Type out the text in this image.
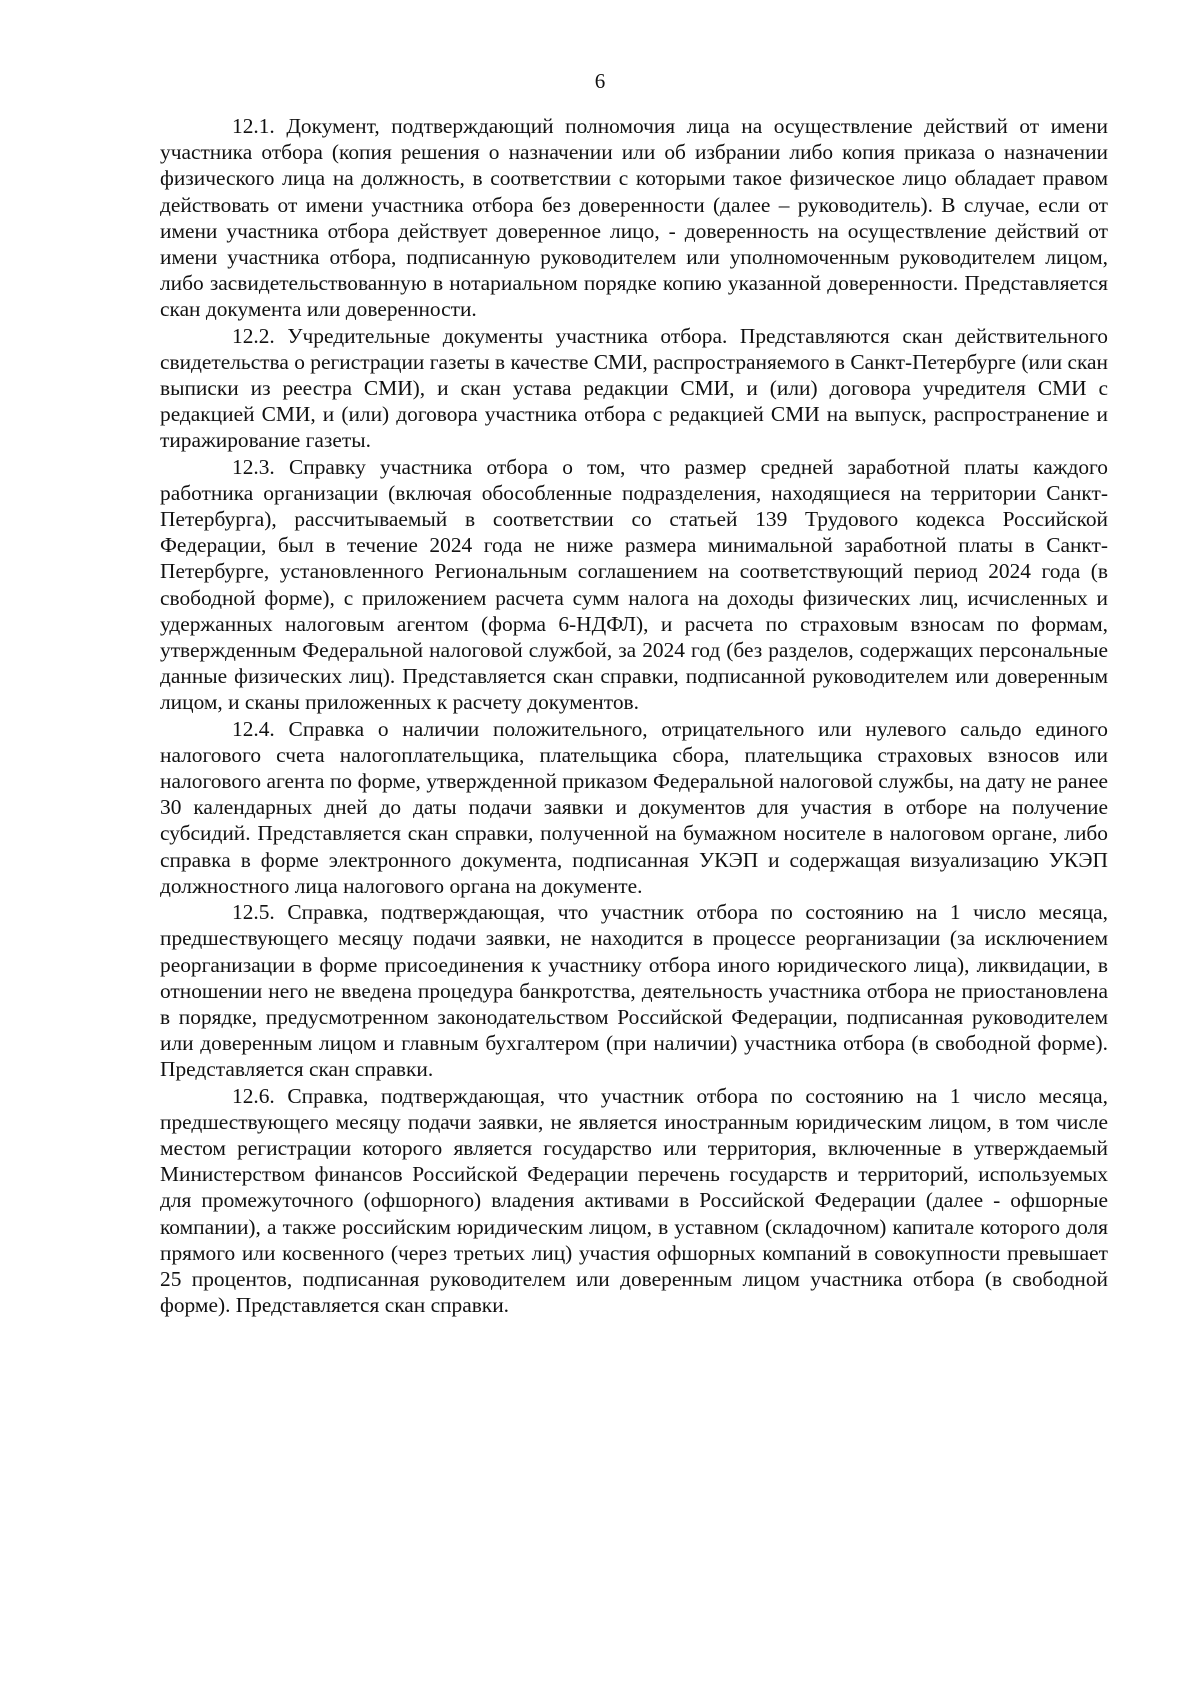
6

12.1. Документ, подтверждающий полномочия лица на осуществление действий от имени участника отбора (копия решения о назначении или об избрании либо копия приказа о назначении физического лица на должность, в соответствии с которыми такое физическое лицо обладает правом действовать от имени участника отбора без доверенности (далее – руководитель). В случае, если от имени участника отбора действует доверенное лицо, - доверенность на осуществление действий от имени участника отбора, подписанную руководителем или уполномоченным руководителем лицом, либо засвидетельствованную в нотариальном порядке копию указанной доверенности. Представляется скан документа или доверенности.

12.2. Учредительные документы участника отбора. Представляются скан действительного свидетельства о регистрации газеты в качестве СМИ, распространяемого в Санкт-Петербурге (или скан выписки из реестра СМИ), и скан устава редакции СМИ, и (или) договора учредителя СМИ с редакцией СМИ, и (или) договора участника отбора с редакцией СМИ на выпуск, распространение и тиражирование газеты.

12.3. Справку участника отбора о том, что размер средней заработной платы каждого работника организации (включая обособленные подразделения, находящиеся на территории Санкт-Петербурга), рассчитываемый в соответствии со статьей 139 Трудового кодекса Российской Федерации, был в течение 2024 года не ниже размера минимальной заработной платы в Санкт-Петербурге, установленного Региональным соглашением на соответствующий период 2024 года (в свободной форме), с приложением расчета сумм налога на доходы физических лиц, исчисленных и удержанных налоговым агентом (форма 6-НДФЛ), и расчета по страховым взносам по формам, утвержденным Федеральной налоговой службой, за 2024 год (без разделов, содержащих персональные данные физических лиц). Представляется скан справки, подписанной руководителем или доверенным лицом, и сканы приложенных к расчету документов.

12.4. Справка о наличии положительного, отрицательного или нулевого сальдо единого налогового счета налогоплательщика, плательщика сбора, плательщика страховых взносов или налогового агента по форме, утвержденной приказом Федеральной налоговой службы, на дату не ранее 30 календарных дней до даты подачи заявки и документов для участия в отборе на получение субсидий. Представляется скан справки, полученной на бумажном носителе в налоговом органе, либо справка в форме электронного документа, подписанная УКЭП и содержащая визуализацию УКЭП должностного лица налогового органа на документе.

12.5. Справка, подтверждающая, что участник отбора по состоянию на 1 число месяца, предшествующего месяцу подачи заявки, не находится в процессе реорганизации (за исключением реорганизации в форме присоединения к участнику отбора иного юридического лица), ликвидации, в отношении него не введена процедура банкротства, деятельность участника отбора не приостановлена в порядке, предусмотренном законодательством Российской Федерации, подписанная руководителем или доверенным лицом и главным бухгалтером (при наличии) участника отбора (в свободной форме). Представляется скан справки.

12.6. Справка, подтверждающая, что участник отбора по состоянию на 1 число месяца, предшествующего месяцу подачи заявки, не является иностранным юридическим лицом, в том числе местом регистрации которого является государство или территория, включенные в утверждаемый Министерством финансов Российской Федерации перечень государств и территорий, используемых для промежуточного (офшорного) владения активами в Российской Федерации (далее - офшорные компании), а также российским юридическим лицом, в уставном (складочном) капитале которого доля прямого или косвенного (через третьих лиц) участия офшорных компаний в совокупности превышает 25 процентов, подписанная руководителем или доверенным лицом участника отбора (в свободной форме). Представляется скан справки.
